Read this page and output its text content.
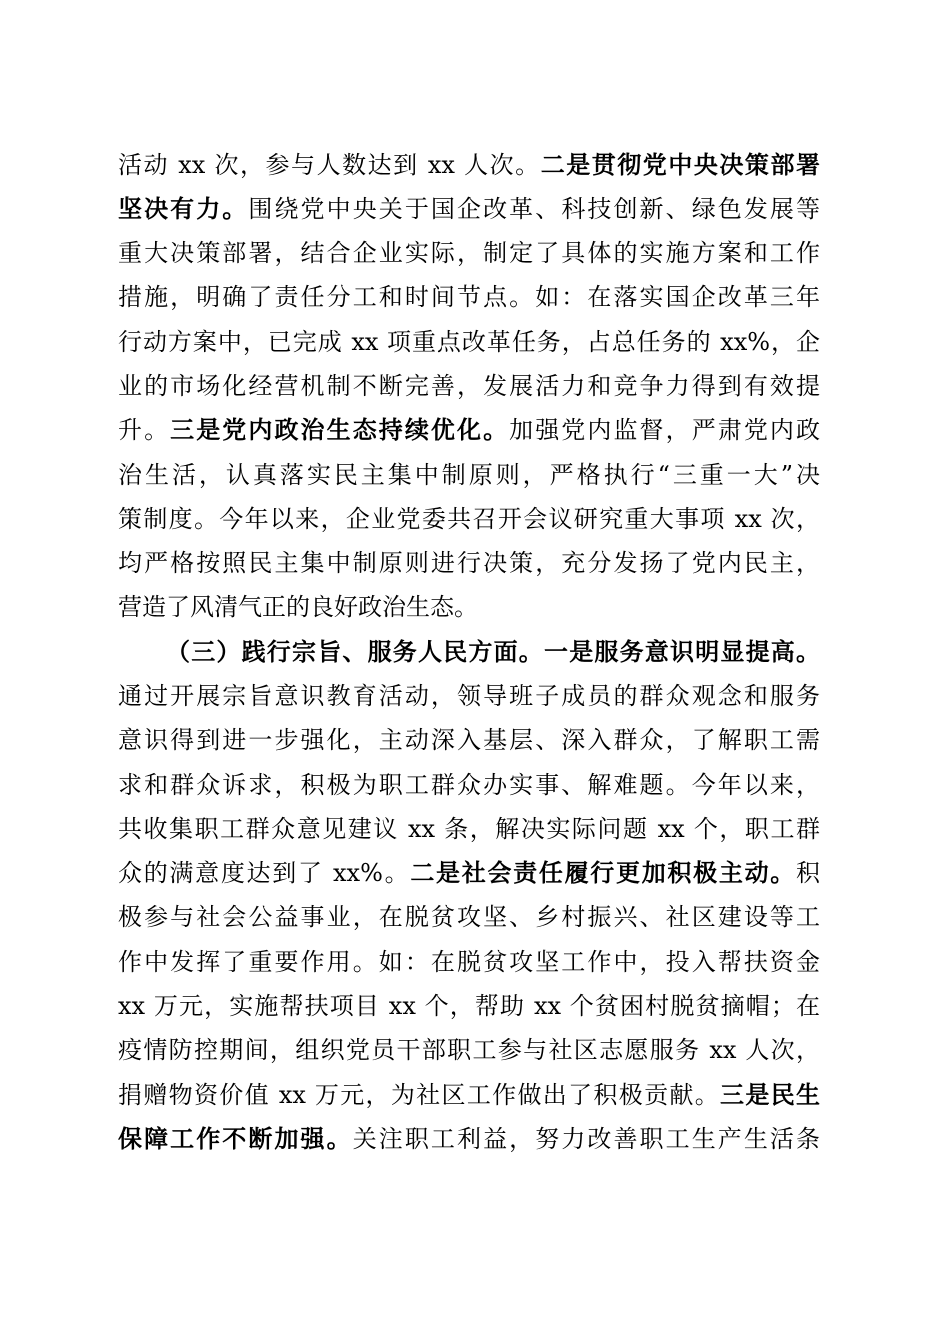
活动 xx 次，参与人数达到 xx 人次。二是贯彻党中央决策部署
坚决有力。围绕党中央关于国企改革、科技创新、绿色发展等
重大决策部署，结合企业实际，制定了具体的实施方案和工作
措施，明确了责任分工和时间节点。如：在落实国企改革三年
行动方案中，已完成 xx 项重点改革任务，占总任务的 xx%，企
业的市场化经营机制不断完善，发展活力和竞争力得到有效提
升。三是党内政治生态持续优化。加强党内监督，严肃党内政
治生活，认真落实民主集中制原则，严格执行“三重一大”决
策制度。今年以来，企业党委共召开会议研究重大事项 xx 次，
均严格按照民主集中制原则进行决策，充分发扬了党内民主，
营造了风清气正的良好政治生态。
（三）践行宗旨、服务人民方面。一是服务意识明显提高。
通过开展宗旨意识教育活动，领导班子成员的群众观念和服务
意识得到进一步强化，主动深入基层、深入群众，了解职工需
求和群众诉求，积极为职工群众办实事、解难题。今年以来，
共收集职工群众意见建议 xx 条，解决实际问题 xx 个，职工群
众的满意度达到了 xx%。二是社会责任履行更加积极主动。积
极参与社会公益事业，在脱贫攻坚、乡村振兴、社区建设等工
作中发挥了重要作用。如：在脱贫攻坚工作中，投入帮扶资金
xx 万元，实施帮扶项目 xx 个，帮助 xx 个贫困村脱贫摘帽；在
疫情防控期间，组织党员干部职工参与社区志愿服务 xx 人次，
捐赠物资价值 xx 万元，为社区工作做出了积极贡献。三是民生
保障工作不断加强。关注职工利益，努力改善职工生产生活条
